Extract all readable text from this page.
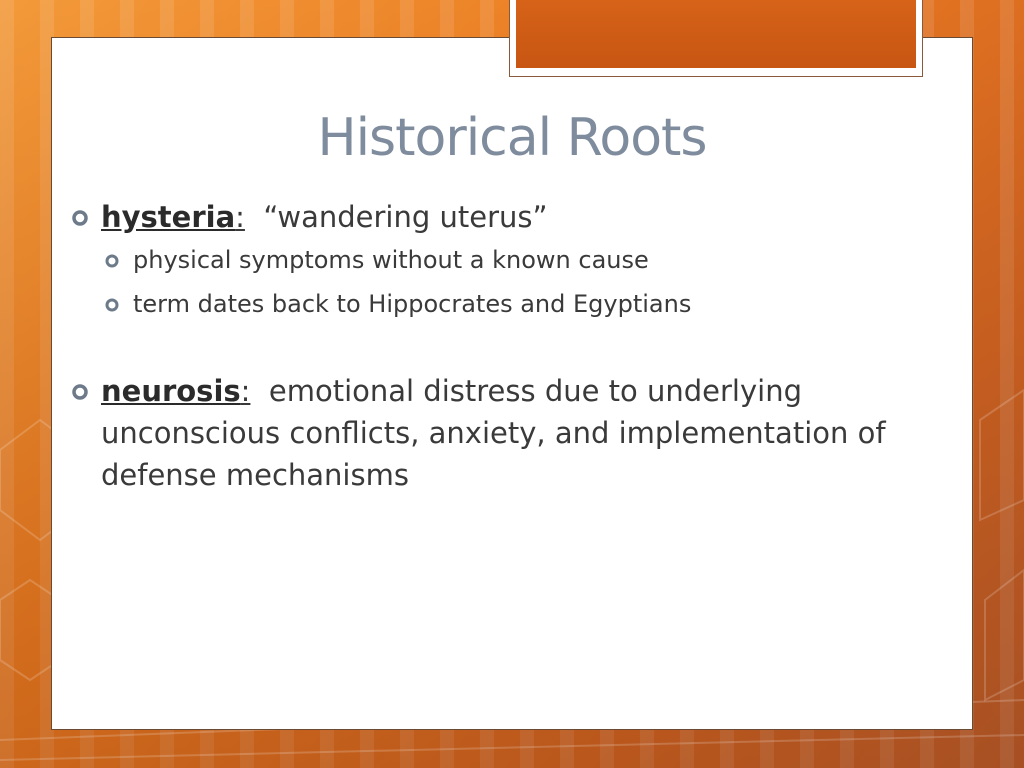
Historical Roots
hysteria: “wandering uterus”
physical symptoms without a known cause
term dates back to Hippocrates and Egyptians
neurosis: emotional distress due to underlying unconscious conflicts, anxiety, and implementation of defense mechanisms
